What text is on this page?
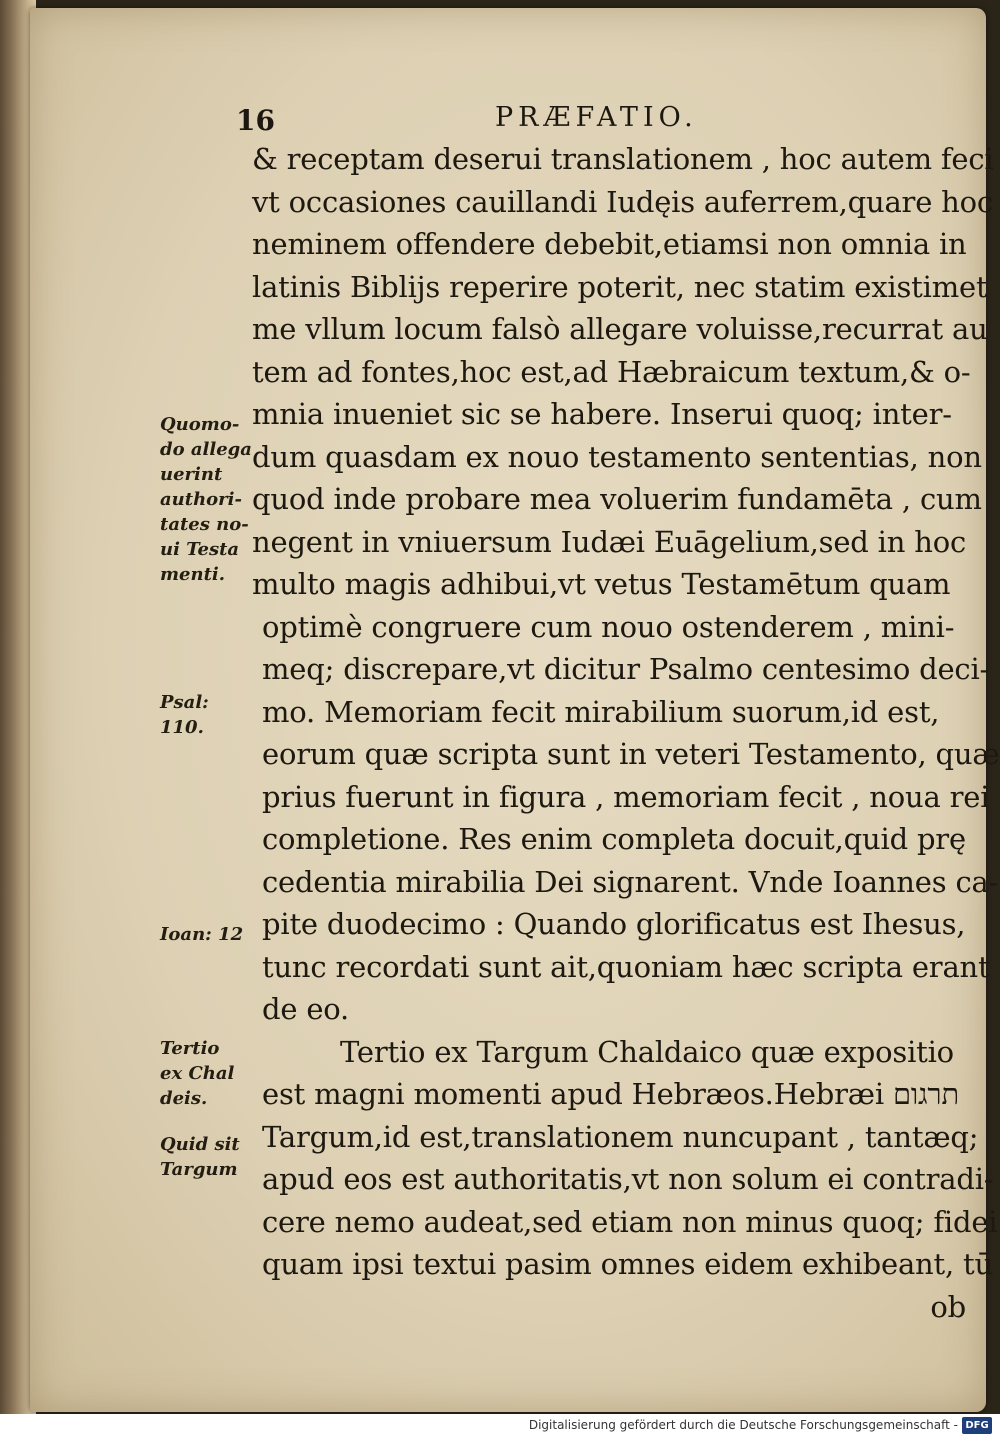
16	PRÆFATIO.
& receptam deserui translationem , hoc autem feci
vt occasiones cauillandi Iudęis auferrem,quare hoc
neminem offendere debebit,etiamsi non omnia in
latinis Biblijs reperire poterit, nec statim existimet
me vllum locum falsò allegare voluisse,recurrat au
tem ad fontes,hoc est,ad Hæbraicum textum,& o-
mnia inueniet sic se habere. Inserui quoq; inter-
dum quasdam ex nouo testamento sententias, non
quod inde probare mea voluerim fundamēta , cum
negent in vniuersum Iudæi Euāgelium,sed in hoc
multo magis adhibui,vt vetus Testamētum quam
optimè congruere cum nouo ostenderem , mini-
meq; discrepare,vt dicitur Psalmo centesimo deci-
mo. Memoriam fecit mirabilium suorum,id est,
eorum quæ scripta sunt in veteri Testamento, quæ
prius fuerunt in figura , memoriam fecit , noua rei
completione. Res enim completa docuit,quid prę
cedentia mirabilia Dei signarent. Vnde Ioannes ca-
pite duodecimo : Quando glorificatus est Ihesus,
tunc recordati sunt ait,quoniam hæc scripta erant
de eo.
Tertio ex Targum Chaldaico quæ expositio
est magni momenti apud Hebræos.Hebræi תרגום
Targum,id est,translationem nuncupant , tantæq;
apud eos est authoritatis,vt non solum ei contradi-
cere nemo audeat,sed etiam non minus quoq; fidei
quam ipsi textui pasim omnes eidem exhibeant, tū
ob
Quomo-
do allega
uerint
authori-
tates no-
ui Testa
menti.
Psal:
110.
Ioan: 12
Tertio
ex Chal
deis.
Quid sit
Targum
Digitalisierung gefördert durch die Deutsche Forschungsgemeinschaft - DFG
